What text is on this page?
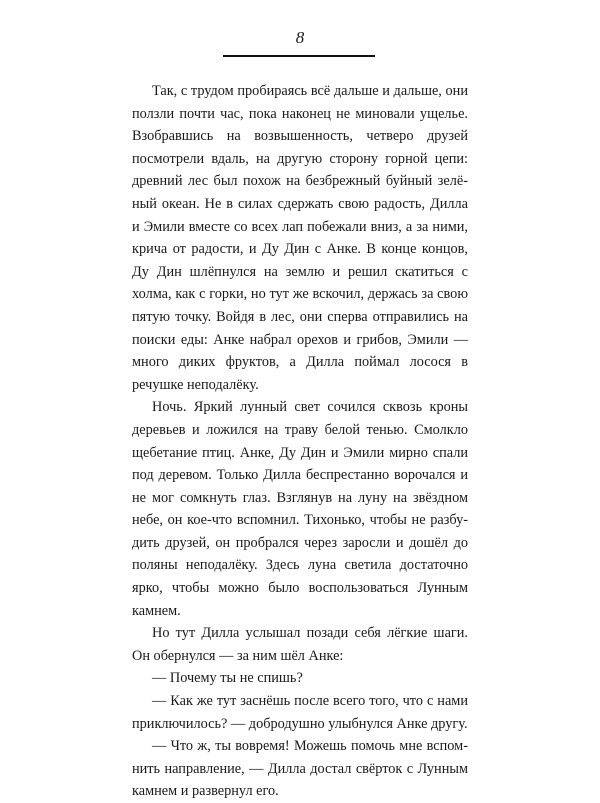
8

Так, с трудом пробираясь всё дальше и дальше, они ползли почти час, пока наконец не миновали ущелье. Взобравшись на возвышенность, четверо друзей посмотрели вдаль, на другую сторону горной цепи: древний лес был похож на безбрежный буйный зелёный океан. Не в силах сдержать свою радость, Дилла и Эмили вместе со всех лап побежали вниз, а за ними, крича от радости, и Ду Дин с Анке. В конце концов, Ду Дин шлёпнулся на землю и решил скатиться с холма, как с горки, но тут же вскочил, держась за свою пятую точку. Войдя в лес, они сперва отправились на поиски еды: Анке набрал орехов и грибов, Эмили — много диких фруктов, а Дилла поймал лосося в речушке неподалёку.

Ночь. Яркий лунный свет сочился сквозь кроны деревьев и ложился на траву белой тенью. Смолкло щебетание птиц. Анке, Ду Дин и Эмили мирно спали под деревом. Только Дилла беспрестанно ворочался и не мог сомкнуть глаз. Взглянув на луну на звёздном небе, он кое-что вспомнил. Тихонько, чтобы не разбудить друзей, он пробрался через заросли и дошёл до поляны неподалёку. Здесь луна светила достаточно ярко, чтобы можно было воспользоваться Лунным камнем.

Но тут Дилла услышал позади себя лёгкие шаги. Он обернулся — за ним шёл Анке:

— Почему ты не спишь?

— Как же тут заснёшь после всего того, что с нами приключилось? — добродушно улыбнулся Анке другу.

— Что ж, ты вовремя! Можешь помочь мне вспомнить направление, — Дилла достал свёрток с Лунным камнем и развернул его.
